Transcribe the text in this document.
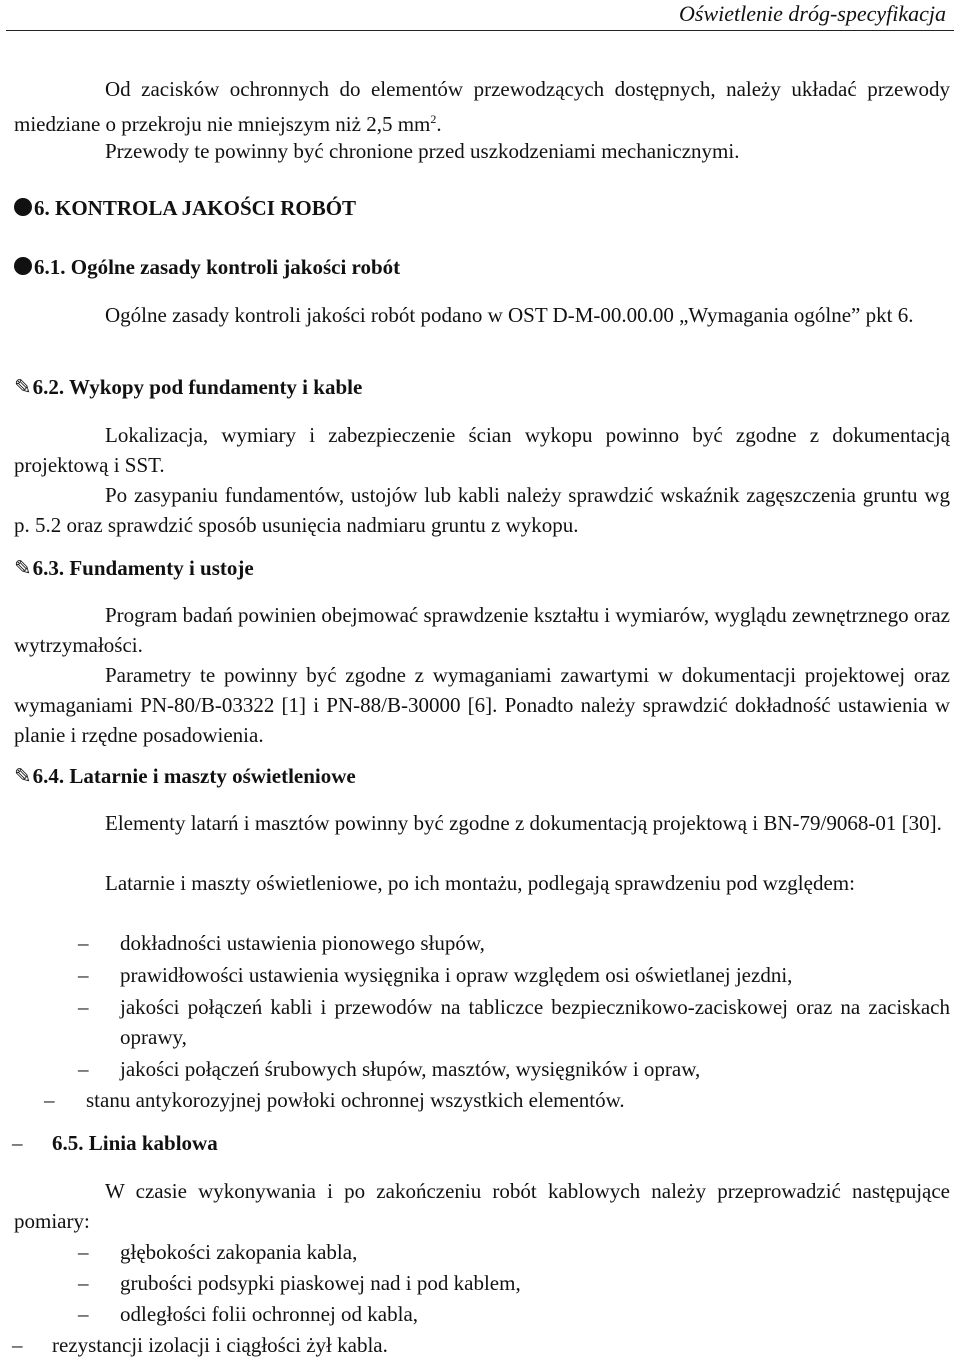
Oświetlenie dróg-specyfikacja

Od zacisków ochronnych do elementów przewodzących dostępnych, należy układać przewody miedziane o przekroju nie mniejszym niż 2,5 $mm^2$.

Przewody te powinny być chronione przed uszkodzeniami mechanicznymi.

6. KONTROLA JAKOŚCI ROBÓT
6.1. Ogólne zasady kontroli jakości robót

Ogólne zasady kontroli jakości robót podano w OST D-M-00.00.00 „Wymagania ogólne” pkt 6.

✎6.2. Wykopy pod fundamenty i kable

Lokalizacja, wymiary i zabezpieczenie ścian wykopu powinno być zgodne z dokumentacją projektową i SST.

Po zasypaniu fundamentów, ustojów lub kabli należy sprawdzić wskaźnik zagęszczenia gruntu wg p. 5.2 oraz sprawdzić sposób usunięcia nadmiaru gruntu z wykopu.

✎6.3. Fundamenty i ustoje

Program badań powinien obejmować sprawdzenie kształtu i wymiarów, wyglądu zewnętrznego oraz wytrzymałości.

Parametry te powinny być zgodne z wymaganiami zawartymi w dokumentacji projektowej oraz wymaganiami PN-80/B-03322 [1] i PN-88/B-30000 [6]. Ponadto należy sprawdzić dokładność ustawienia w planie i rzędne posadowienia.

✎6.4. Latarnie i maszty oświetleniowe

Elementy latarń i masztów powinny być zgodne z dokumentacją projektową i BN-79/9068-01 [30].

Latarnie i maszty oświetleniowe, po ich montażu, podlegają sprawdzeniu pod względem:

– dokładności ustawienia pionowego słupów,
– prawidłowości ustawienia wysięgnika i opraw względem osi oświetlanej jezdni,
– jakości połączeń kabli i przewodów na tabliczce bezpiecznikowo-zaciskowej oraz na zaciskach oprawy,
– jakości połączeń śrubowych słupów, masztów, wysięgników i opraw,
– stanu antykorozyjnej powłoki ochronnej wszystkich elementów.
– 6.5. Linia kablowa

W czasie wykonywania i po zakończeniu robót kablowych należy przeprowadzić następujące pomiary:

– głębokości zakopania kabla,
– grubości podsypki piaskowej nad i pod kablem,
– odległości folii ochronnej od kabla,
– rezystancji izolacji i ciągłości żył kabla.
